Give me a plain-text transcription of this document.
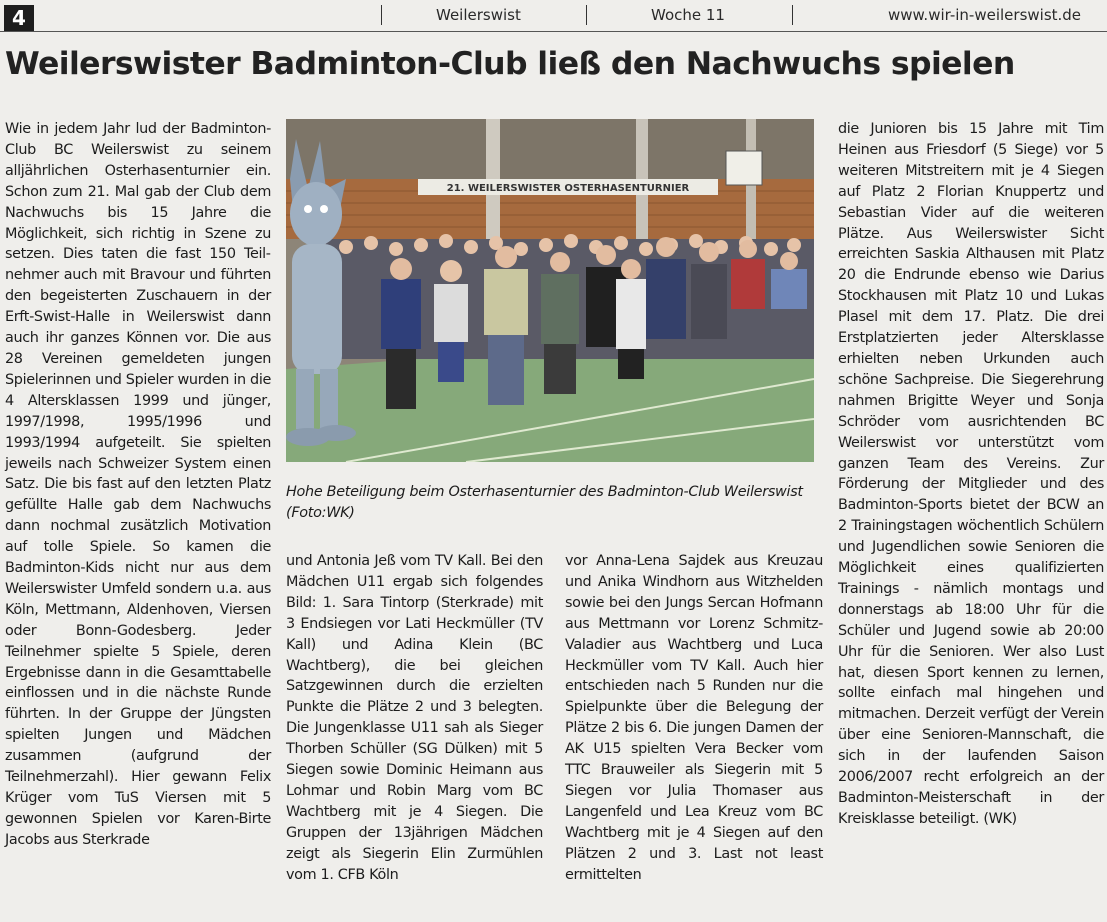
4	Weilerswist	Woche 11	www.wir-in-weilerswist.de
Weilerswister Badminton-Club ließ den Nachwuchs spielen
Wie in jedem Jahr lud der Badminton-Club BC Weilerswist zu seinem alljährlichen Osterhasenturnier ein. Schon zum 21. Mal gab der Club dem Nachwuchs bis 15 Jahre die Möglichkeit, sich richtig in Szene zu setzen. Dies taten die fast 150 Teilnehmer auch mit Bravour und führten den begeisterten Zuschauern in der Erft-Swist-Halle in Weilerswist dann auch ihr ganzes Können vor. Die aus 28 Vereinen gemeldeten jungen Spielerinnen und Spieler wurden in die 4 Altersklassen 1999 und jünger, 1997/1998, 1995/1996 und 1993/1994 aufgeteilt. Sie spielten jeweils nach Schweizer System einen Satz. Die bis fast auf den letzten Platz gefüllte Halle gab dem Nachwuchs dann nochmal zusätzlich Motivation auf tolle Spiele. So kamen die Badminton-Kids nicht nur aus dem Weilerswister Umfeld sondern u.a. aus Köln, Mettmann, Aldenhoven, Viersen oder Bonn-Godesberg. Jeder Teilnehmer spielte 5 Spiele, deren Ergebnisse dann in die Gesamttabelle einflossen und in die nächste Runde führten. In der Gruppe der Jüngsten spielten Jungen und Mädchen zusammen (aufgrund der Teilnehmerzahl). Hier gewann Felix Krüger vom TuS Viersen mit 5 gewonnen Spielen vor Karen-Birte Jacobs aus Sterkrade
und Antonia Jeß vom TV Kall. Bei den Mädchen U11 ergab sich folgendes Bild: 1. Sara Tintorp (Sterkrade) mit 3 Endsiegen vor Lati Heckmüller (TV Kall) und Adina Klein (BC Wachtberg), die bei gleichen Satzgewinnen durch die erzielten Punkte die Plätze 2 und 3 belegten. Die Jungenklasse U11 sah als Sieger Thorben Schüller (SG Dülken) mit 5 Siegen sowie Dominic Heimann aus Lohmar und Robin Marg vom BC Wachtberg mit je 4 Siegen. Die Gruppen der 13jährigen Mädchen zeigt als Siegerin Elin Zurmühlen vom 1. CFB Köln
vor Anna-Lena Sajdek aus Kreuzau und Anika Windhorn aus Witzhelden sowie bei den Jungs Sercan Hofmann aus Mettmann vor Lorenz Schmitz-Valadier aus Wachtberg und Luca Heckmüller vom TV Kall. Auch hier entschieden nach 5 Runden nur die Spielpunkte über die Belegung der Plätze 2 bis 6. Die jungen Damen der AK U15 spielten Vera Becker vom TTC Brauweiler als Siegerin mit 5 Siegen vor Julia Thomaser aus Langenfeld und Lea Kreuz vom BC Wachtberg mit je 4 Siegen auf den Plätzen 2 und 3. Last not least ermittelten
die Junioren bis 15 Jahre mit Tim Heinen aus Friesdorf (5 Siege) vor 5 weiteren Mitstreitern mit je 4 Siegen auf Platz 2 Florian Knuppertz und Sebastian Vider auf die weiteren Plätze. Aus Weilerswister Sicht erreichten Saskia Althausen mit Platz 20 die Endrunde ebenso wie Darius Stockhausen mit Platz 10 und Lukas Plasel mit dem 17. Platz. Die drei Erstplatzierten jeder Altersklasse erhielten neben Urkunden auch schöne Sachpreise. Die Siegerehrung nahmen Brigitte Weyer und Sonja Schröder vom ausrichtenden BC Weilerswist vor unterstützt vom ganzen Team des Vereins. Zur Förderung der Mitglieder und des Badminton-Sports bietet der BCW an 2 Trainingstagen wöchentlich Schülern und Jugendlichen sowie Senioren die Möglichkeit eines qualifizierten Trainings - nämlich montags und donnerstags ab 18:00 Uhr für die Schüler und Jugend sowie ab 20:00 Uhr für die Senioren. Wer also Lust hat, diesen Sport kennen zu lernen, sollte einfach mal hingehen und mitmachen. Derzeit verfügt der Verein über eine Senioren-Mannschaft, die sich in der laufenden Saison 2006/2007 recht erfolgreich an der Badminton-Meisterschaft in der Kreisklasse beteiligt. (WK)
21. WEILERSWISTER OSTERHASENTURNIER
Hohe Beteiligung beim Osterhasenturnier des Badminton-Club Weilerswist (Foto:WK)
